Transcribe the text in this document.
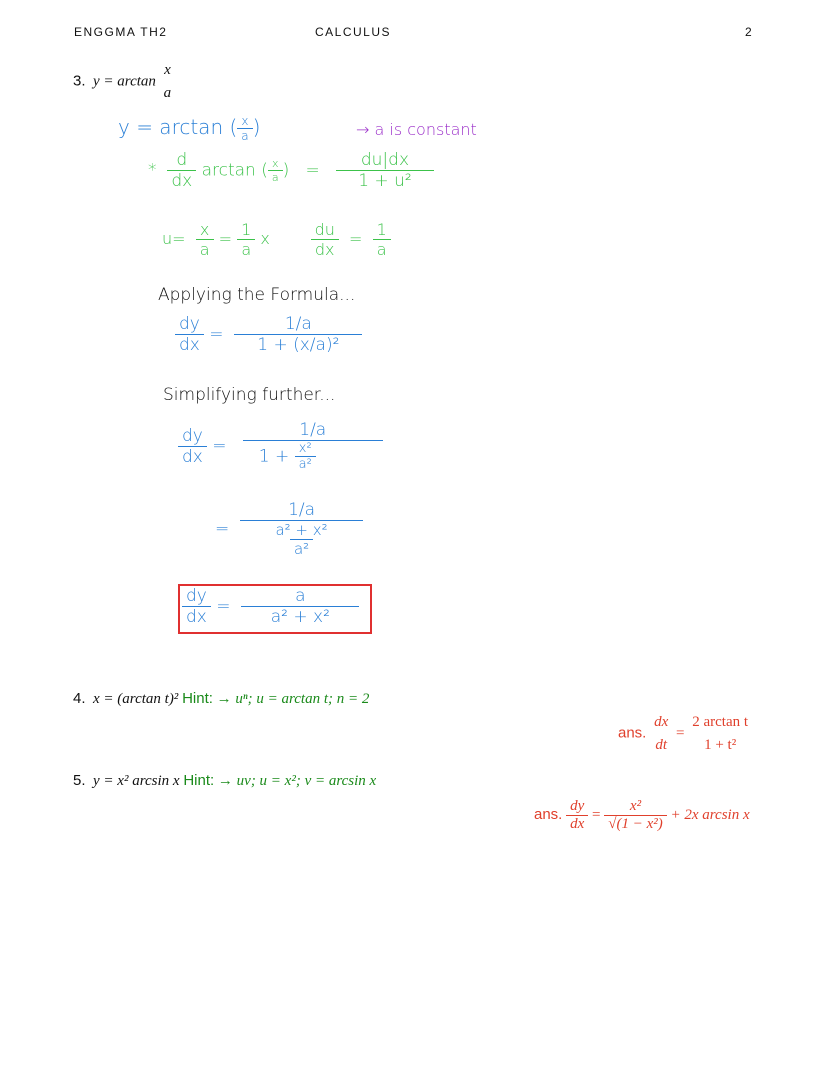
ENGGMA TH2	CALCULUS	2
3. y = arctan
x
a
y = arctan ( $\frac{x}{a}$ )	→ a is constant
* $\frac{d}{dx}$ arctan ( $\frac{x}{a}$ )   = $\frac{du|dx}{\text{1 + u²}}$
$u= \frac{x}{a} = \frac{1}{a}$ x	$\frac{du}{dx} = \frac{1}{a}$
Applying the Formula...
$\frac{dy}{dx} = \frac{1/a}{\text{1 + (x/a)²}}$
Simplifying further...
$\frac{dy}{dx} = \frac{1/a}{1 + \frac{\text{x²}}{\text{a²}}}$
= $\frac{1/a}{\frac{\text{a² + x²}}{\text{a²}}}$
$\frac{dy}{dx} = \frac{a}{\text{a² + x²}}$
4. x = (arctan t)² Hint: → uⁿ; u = arctan t; n = 2
ans.
dx
dt
=
2 arctan t
1 + t²
5. y = x² arcsin x Hint: → uv; u = x²; v = arcsin x
ans. $\frac{dy}{dx} = \frac{\text{x²}}{\text{√(1 − x²)}} + 2x$ arcsin x
